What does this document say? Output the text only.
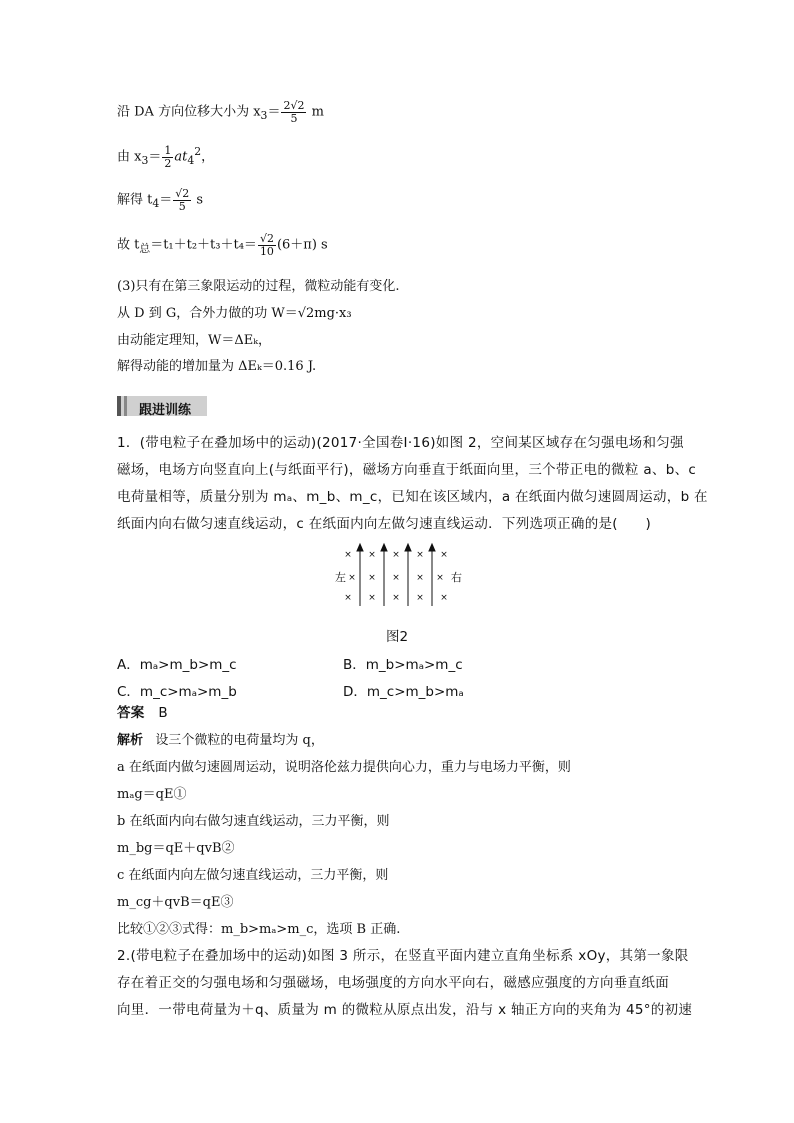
沿 DA 方向位移大小为 $x_3= \frac{2√2}{5}$ m
由 $x_3= \frac{1}{2} at_4^2$，
解得 $t_4= \frac{√2}{5}$ s
故 $t_总=t_1+t_2+t_3+t_4= \frac{√2}{10} (6+\pi)$ s
(3)只有在第三象限运动的过程，微粒动能有变化.
从 D 到 G，合外力做的功 W＝√2mg·x₃
由动能定理知，W＝ΔEₖ，
解得动能的增加量为 ΔEₖ＝0.16 J.
跟进训练
1．(带电粒子在叠加场中的运动)(2017·全国卷Ⅰ·16)如图 2，空间某区域存在匀强电场和匀强
磁场，电场方向竖直向上(与纸面平行)，磁场方向垂直于纸面向里，三个带正电的微粒 a、b、c
电荷量相等，质量分别为 mₐ、m_b、m_c，已知在该区域内，a 在纸面内做匀速圆周运动，b 在
纸面内向右做匀速直线运动，c 在纸面内向左做匀速直线运动．下列选项正确的是(　　)
× × × × ×
× × × × ×
× × × × ×
左	右
图2
A．mₐ>m_b>m_c	B．m_b>mₐ>m_c
C．m_c>mₐ>m_b	D．m_c>m_b>mₐ
答案 B
解析 设三个微粒的电荷量均为 q，
a 在纸面内做匀速圆周运动，说明洛伦兹力提供向心力，重力与电场力平衡，则
mₐg＝qE①
b 在纸面内向右做匀速直线运动，三力平衡，则
m_bg＝qE＋qvB②
c 在纸面内向左做匀速直线运动，三力平衡，则
m_cg＋qvB＝qE③
比较①②③式得：m_b>mₐ>m_c，选项 B 正确.
2.(带电粒子在叠加场中的运动)如图 3 所示，在竖直平面内建立直角坐标系 xOy，其第一象限
存在着正交的匀强电场和匀强磁场，电场强度的方向水平向右，磁感应强度的方向垂直纸面
向里．一带电荷量为＋q、质量为 m 的微粒从原点出发，沿与 x 轴正方向的夹角为 45°的初速
